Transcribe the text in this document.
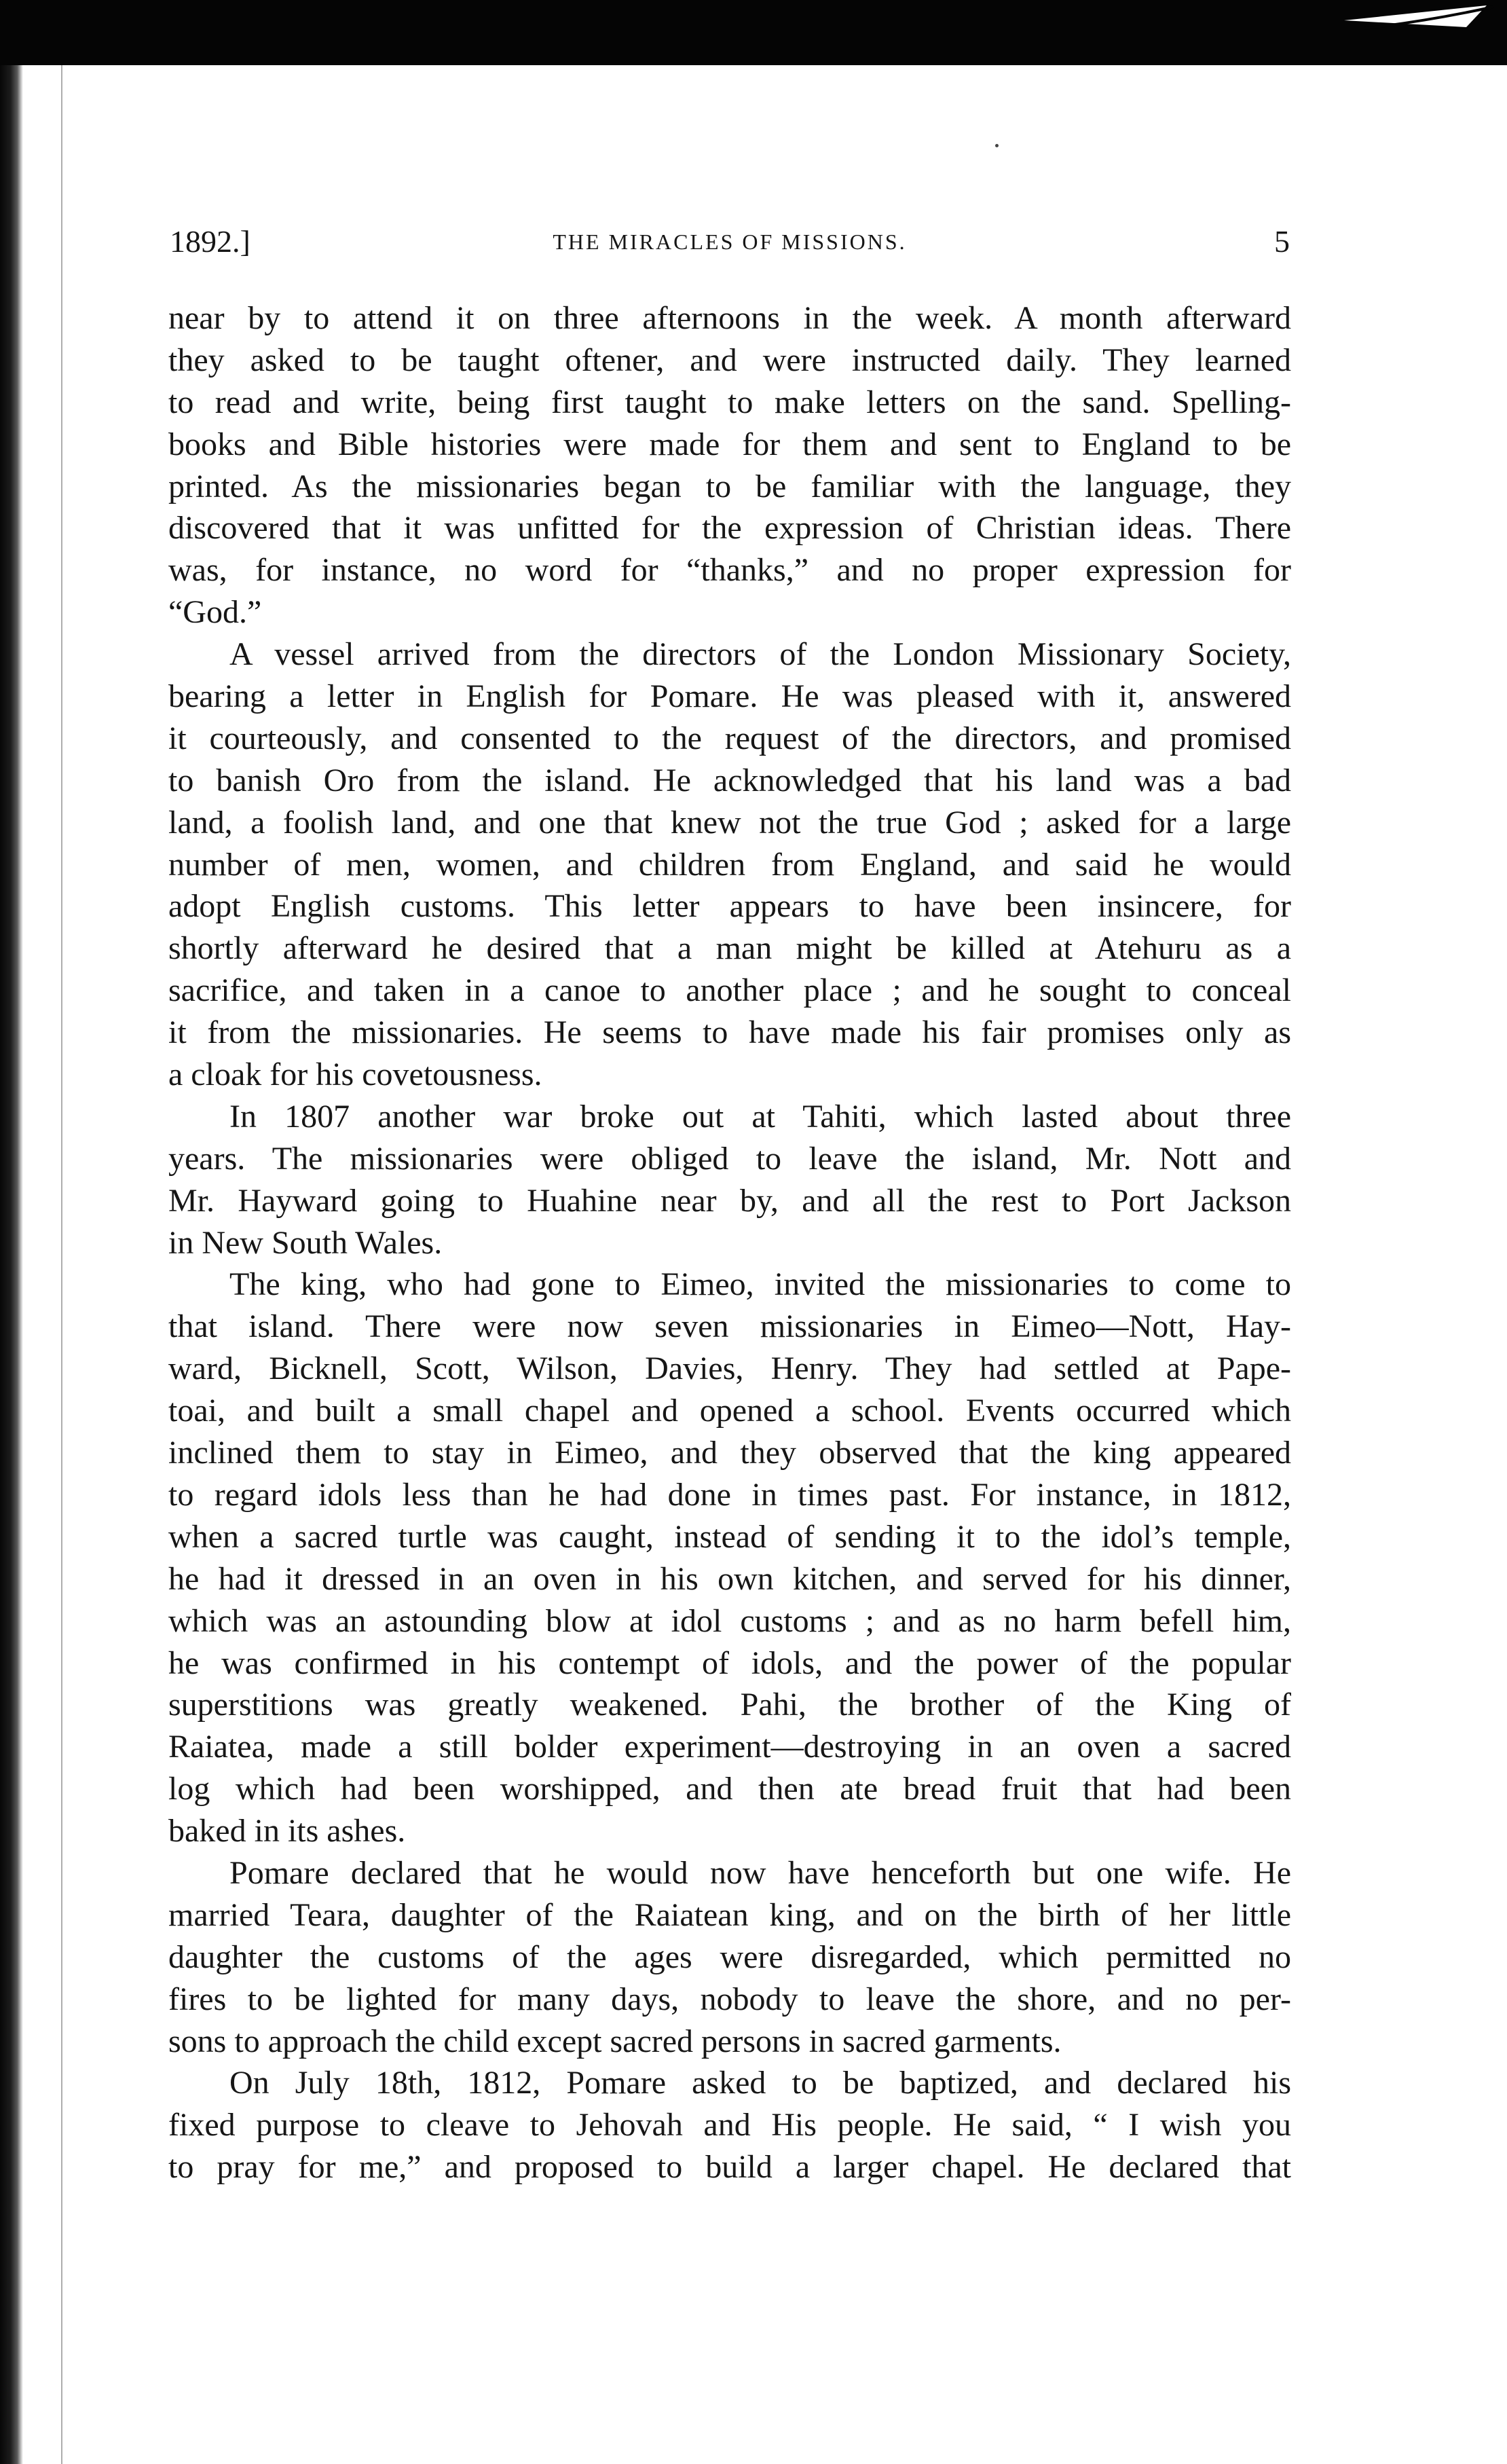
1892.]	THE MIRACLES OF MISSIONS.	5
near by to attend it on three afternoons in the week. A month afterward
they asked to be taught oftener, and were instructed daily. They learned
to read and write, being first taught to make letters on the sand. Spelling-
books and Bible histories were made for them and sent to England to be
printed. As the missionaries began to be familiar with the language, they
discovered that it was unfitted for the expression of Christian ideas. There
was, for instance, no word for “thanks,” and no proper expression for
“God.”
A vessel arrived from the directors of the London Missionary Society,
bearing a letter in English for Pomare. He was pleased with it, answered
it courteously, and consented to the request of the directors, and promised
to banish Oro from the island. He acknowledged that his land was a bad
land, a foolish land, and one that knew not the true God ; asked for a large
number of men, women, and children from England, and said he would
adopt English customs. This letter appears to have been insincere, for
shortly afterward he desired that a man might be killed at Atehuru as a
sacrifice, and taken in a canoe to another place ; and he sought to conceal
it from the missionaries. He seems to have made his fair promises only as
a cloak for his covetousness.
In 1807 another war broke out at Tahiti, which lasted about three
years. The missionaries were obliged to leave the island, Mr. Nott and
Mr. Hayward going to Huahine near by, and all the rest to Port Jackson
in New South Wales.
The king, who had gone to Eimeo, invited the missionaries to come to
that island. There were now seven missionaries in Eimeo—Nott, Hay-
ward, Bicknell, Scott, Wilson, Davies, Henry. They had settled at Pape-
toai, and built a small chapel and opened a school. Events occurred which
inclined them to stay in Eimeo, and they observed that the king appeared
to regard idols less than he had done in times past. For instance, in 1812,
when a sacred turtle was caught, instead of sending it to the idol’s temple,
he had it dressed in an oven in his own kitchen, and served for his dinner,
which was an astounding blow at idol customs ; and as no harm befell him,
he was confirmed in his contempt of idols, and the power of the popular
superstitions was greatly weakened. Pahi, the brother of the King of
Raiatea, made a still bolder experiment—destroying in an oven a sacred
log which had been worshipped, and then ate bread fruit that had been
baked in its ashes.
Pomare declared that he would now have henceforth but one wife. He
married Teara, daughter of the Raiatean king, and on the birth of her little
daughter the customs of the ages were disregarded, which permitted no
fires to be lighted for many days, nobody to leave the shore, and no per-
sons to approach the child except sacred persons in sacred garments.
On July 18th, 1812, Pomare asked to be baptized, and declared his
fixed purpose to cleave to Jehovah and His people. He said, “ I wish you
to pray for me,” and proposed to build a larger chapel. He declared that
